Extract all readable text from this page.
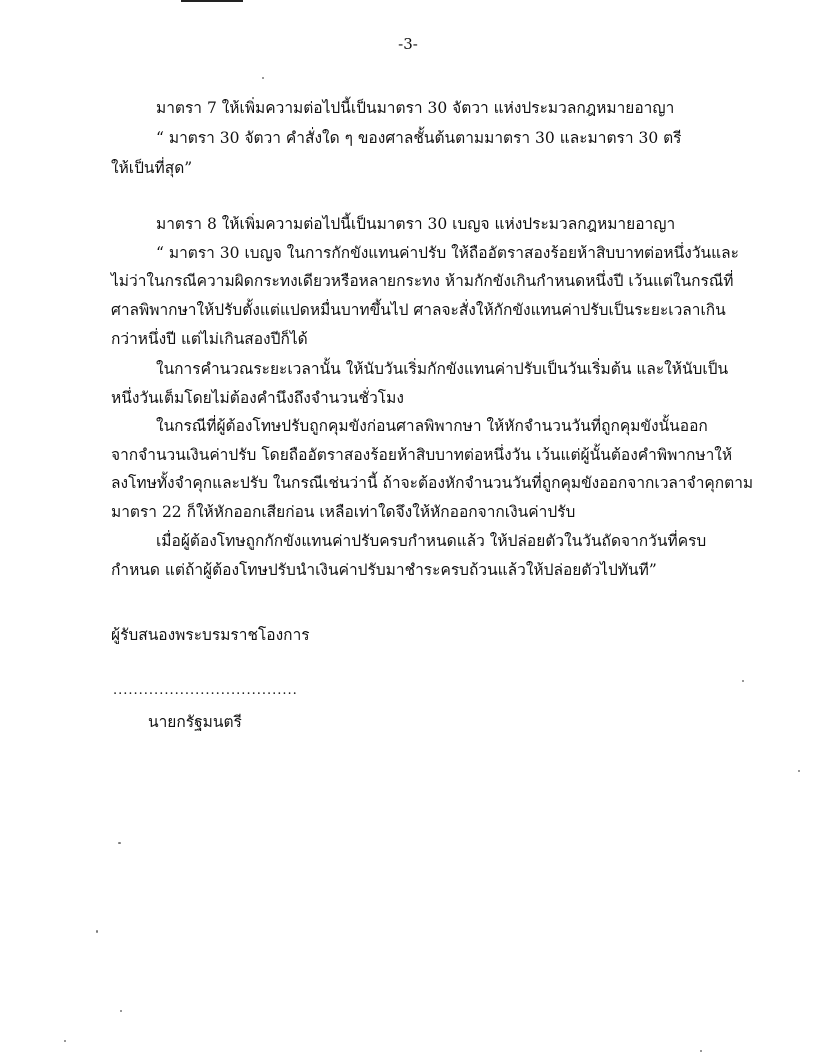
-3-
มาตรา 7 ให้เพิ่มความต่อไปนี้เป็นมาตรา 30 จัตวา แห่งประมวลกฎหมายอาญา
“ มาตรา 30 จัตวา คำสั่งใด ๆ ของศาลชั้นต้นตามมาตรา 30 และมาตรา 30 ตรี
ให้เป็นที่สุด”
มาตรา 8 ให้เพิ่มความต่อไปนี้เป็นมาตรา 30 เบญจ แห่งประมวลกฎหมายอาญา
“ มาตรา 30 เบญจ ในการกักขังแทนค่าปรับ ให้ถืออัตราสองร้อยห้าสิบบาทต่อหนึ่งวันและ
ไม่ว่าในกรณีความผิดกระทงเดียวหรือหลายกระทง ห้ามกักขังเกินกำหนดหนึ่งปี เว้นแต่ในกรณีที่
ศาลพิพากษาให้ปรับตั้งแต่แปดหมื่นบาทขึ้นไป ศาลจะสั่งให้กักขังแทนค่าปรับเป็นระยะเวลาเกิน
กว่าหนึ่งปี แต่ไม่เกินสองปีก็ได้
ในการคำนวณระยะเวลานั้น ให้นับวันเริ่มกักขังแทนค่าปรับเป็นวันเริ่มต้น และให้นับเป็น
หนึ่งวันเต็มโดยไม่ต้องคำนึงถึงจำนวนชั่วโมง
ในกรณีที่ผู้ต้องโทษปรับถูกคุมขังก่อนศาลพิพากษา ให้หักจำนวนวันที่ถูกคุมขังนั้นออก
จากจำนวนเงินค่าปรับ โดยถืออัตราสองร้อยห้าสิบบาทต่อหนึ่งวัน เว้นแต่ผู้นั้นต้องคำพิพากษาให้
ลงโทษทั้งจำคุกและปรับ ในกรณีเช่นว่านี้ ถ้าจะต้องหักจำนวนวันที่ถูกคุมขังออกจากเวลาจำคุกตาม
มาตรา 22 ก็ให้หักออกเสียก่อน เหลือเท่าใดจึงให้หักออกจากเงินค่าปรับ
เมื่อผู้ต้องโทษถูกกักขังแทนค่าปรับครบกำหนดแล้ว ให้ปล่อยตัวในวันถัดจากวันที่ครบ
กำหนด แต่ถ้าผู้ต้องโทษปรับนำเงินค่าปรับมาชำระครบถ้วนแล้วให้ปล่อยตัวไปทันที”
ผู้รับสนองพระบรมราชโองการ
....................................
นายกรัฐมนตรี
